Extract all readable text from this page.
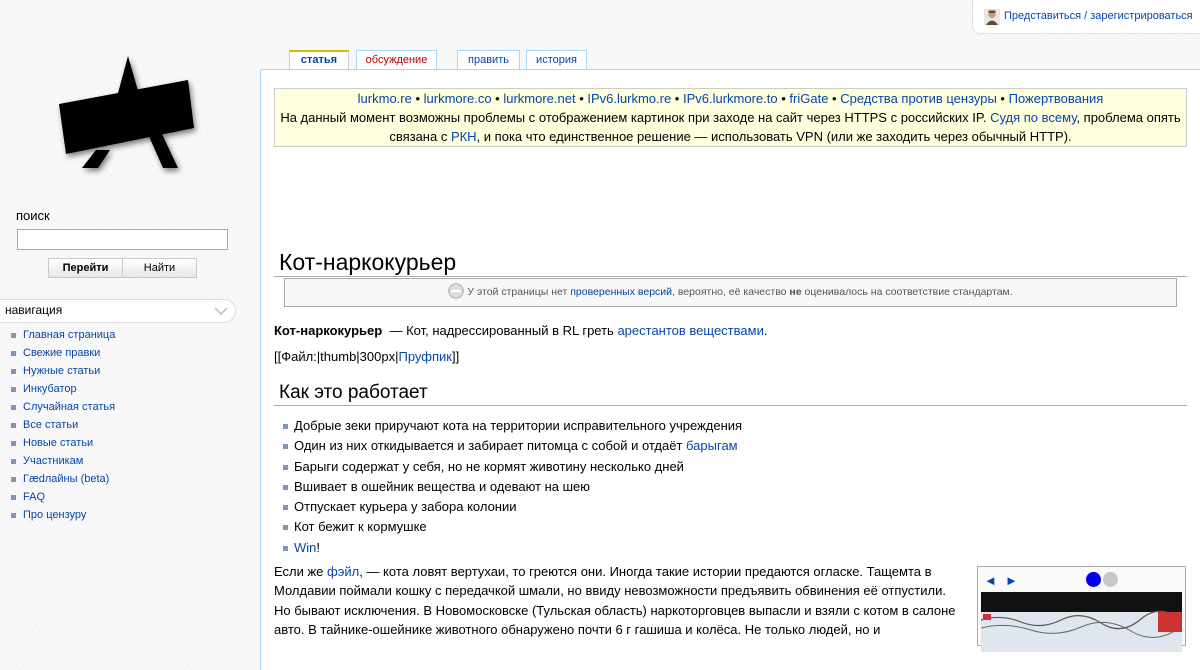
Представиться / зарегистрироваться
поиск
Перейти	Найти
навигация
Главная страница
Свежие правки
Нужные статьи
Инкубатор
Случайная статья
Все статьи
Новые статьи
Участникам
Гædлайны (beta)
FAQ
Про цензуру
статья	обсуждение	править	история
lurkmo.re • lurkmore.co • lurkmore.net • IPv6.lurkmo.re • IPv6.lurkmore.to • friGate • Средства против цензуры • Пожертвования
На данный момент возможны проблемы с отображением картинок при заходе на сайт через HTTPS с российских IP. Судя по всему, проблема опять
связана с РКН, и пока что единственное решение — использовать VPN (или же заходить через обычный HTTP).
Кот-наркокурьер
У этой страницы нет проверенных версий, вероятно, её качество не оценивалось на соответствие стандартам.
Кот-наркокурьер  — Кот, надрессированный в RL греть арестантов веществами.
[[Файл:|thumb|300px|Пруфпик]]
Как это работает
Добрые зеки приручают кота на территории исправительного учреждения
Один из них откидывается и забирает питомца с собой и отдаёт барыгам
Барыги содержат у себя, но не кормят животину несколько дней
Вшивает в ошейник вещества и одевают на шею
Отпускает курьера у забора колонии
Кот бежит к кормушке
Win!
Если же фэйл, — кота ловят вертухаи, то греются они. Иногда такие истории предаются огласке. Тащемта в Молдавии поймали кошку с передачкой шмали, но ввиду невозможности предъявить обвинения её отпустили. Но бывают исключения. В Новомосковске (Тульская область) наркоторговцев выпасли и взяли с котом в салоне авто. В тайнике-ошейнике животного обнаружено почти 6 г гашиша и колёса. Не только людей, но и
◄ ►
